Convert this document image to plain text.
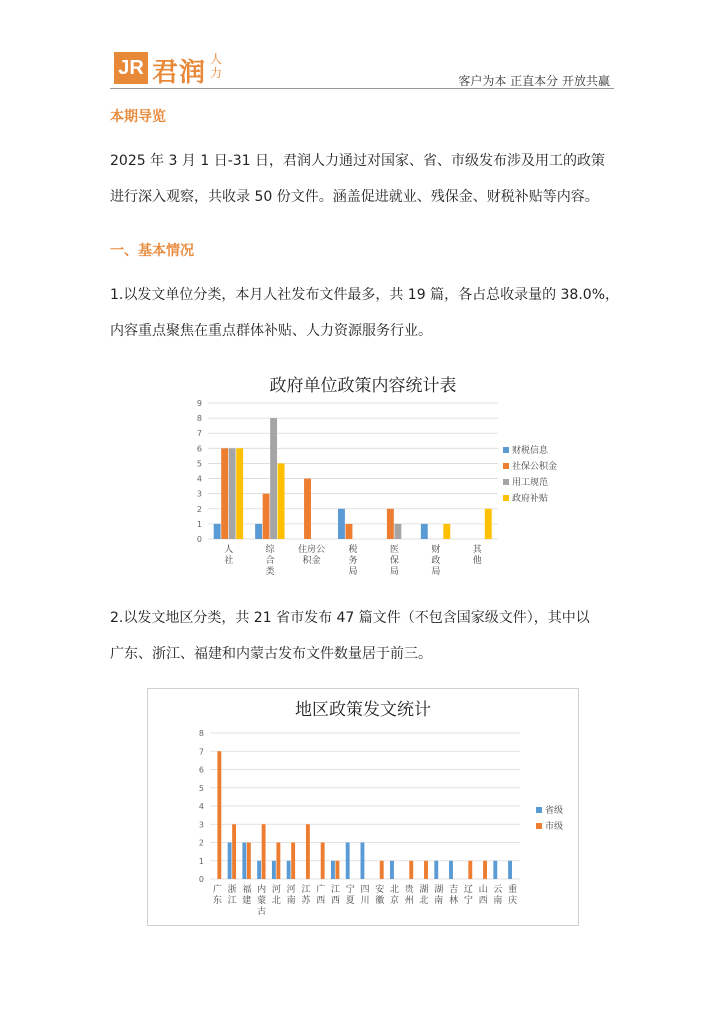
JR 君润 人力
客户为本 正直本分 开放共赢
本期导览
2025 年 3 月 1 日-31 日，君润人力通过对国家、省、市级发布涉及用工的政策
进行深入观察，共收录 50 份文件。涵盖促进就业、残保金、财税补贴等内容。
一、基本情况
1.以发文单位分类，本月人社发布文件最多，共 19 篇，各占总收录量的 38.0%，
内容重点聚焦在重点群体补贴、人力资源服务行业。
政府单位政策内容统计表
0
1
2
3
4
5
6
7
8
9
人社
综合类
住房公积金
税务局
医保局
财政局
其他
财税信息
社保公积金
用工规范
政府补贴
2.以发文地区分类，共 21 省市发布 47 篇文件（不包含国家级文件），其中以
广东、浙江、福建和内蒙古发布文件数量居于前三。
地区政策发文统计
0
1
2
3
4
5
6
7
8
广东
浙江
福建
内蒙古
河北
河南
江苏
广西
江西
宁夏
四川
安徽
北京
贵州
湖北
湖南
吉林
辽宁
山西
云南
重庆
省级
市级
